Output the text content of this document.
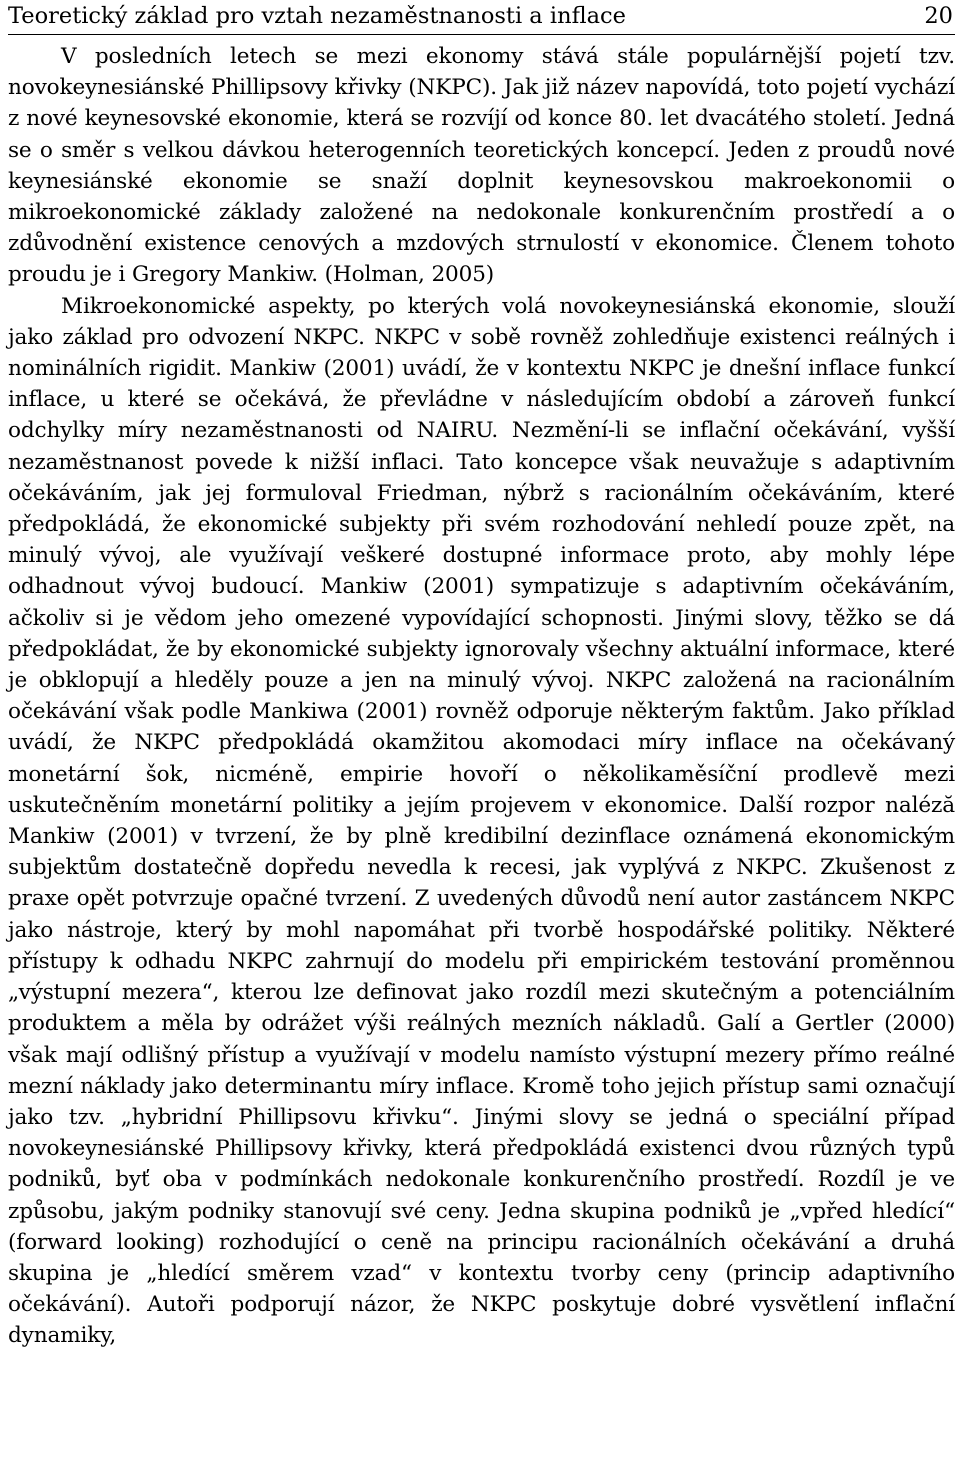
Teoretický základ pro vztah nezaměstnanosti a inflace	20

V posledních letech se mezi ekonomy stává stále populárnější pojetí tzv. novokeynesiánské Phillipsovy křivky (NKPC). Jak již název napovídá, toto pojetí vychází z nové keynesovské ekonomie, která se rozvíjí od konce 80. let dvacátého století. Jedná se o směr s velkou dávkou heterogenních teoretických koncepcí. Jeden z proudů nové keynesiánské ekonomie se snaží doplnit keynesovskou makroekonomii o mikroekonomické základy založené na nedokonale konkurenčním prostředí a o zdůvodnění existence cenových a mzdových strnulostí v ekonomice. Členem tohoto proudu je i Gregory Mankiw. (Holman, 2005)

Mikroekonomické aspekty, po kterých volá novokeynesiánská ekonomie, slouží jako základ pro odvození NKPC. NKPC v sobě rovněž zohledňuje existenci reálných i nominálních rigidit. Mankiw (2001) uvádí, že v kontextu NKPC je dnešní inflace funkcí inflace, u které se očekává, že převládne v následujícím období a zároveň funkcí odchylky míry nezaměstnanosti od NAIRU. Nezmění-li se inflační očekávání, vyšší nezaměstnanost povede k nižší inflaci. Tato koncepce však neuvažuje s adaptivním očekáváním, jak jej formuloval Friedman, nýbrž s racionálním očekáváním, které předpokládá, že ekonomické subjekty při svém rozhodování nehledí pouze zpět, na minulý vývoj, ale využívají veškeré dostupné informace proto, aby mohly lépe odhadnout vývoj budoucí. Mankiw (2001) sympatizuje s adaptivním očekáváním, ačkoliv si je vědom jeho omezené vypovídající schopnosti. Jinými slovy, těžko se dá předpokládat, že by ekonomické subjekty ignorovaly všechny aktuální informace, které je obklopují a hleděly pouze a jen na minulý vývoj. NKPC založená na racionálním očekávání však podle Mankiwa (2001) rovněž odporuje některým faktům. Jako příklad uvádí, že NKPC předpokládá okamžitou akomodaci míry inflace na očekávaný monetární šok, nicméně, empirie hovoří o několikaměsíční prodlevě mezi uskutečněním monetární politiky a jejím projevem v ekonomice. Další rozpor naléză Mankiw (2001) v tvrzení, že by plně kredibilní dezinflace oznámená ekonomickým subjektům dostatečně dopředu nevedla k recesi, jak vyplývá z NKPC. Zkušenost z praxe opět potvrzuje opačné tvrzení. Z uvedených důvodů není autor zastáncem NKPC jako nástroje, který by mohl napomáhat při tvorbě hospodářské politiky. Některé přístupy k odhadu NKPC zahrnují do modelu při empirickém testování proměnnou „výstupní mezera“, kterou lze definovat jako rozdíl mezi skutečným a potenciálním produktem a měla by odrážet výši reálných mezních nákladů. Galí a Gertler (2000) však mají odlišný přístup a využívají v modelu namísto výstupní mezery přímo reálné mezní náklady jako determinantu míry inflace. Kromě toho jejich přístup sami označují jako tzv. „hybridní Phillipsovu křivku“. Jinými slovy se jedná o speciální případ novokeynesiánské Phillipsovy křivky, která předpokládá existenci dvou různých typů podniků, byť oba v podmínkách nedokonale konkurenčního prostředí. Rozdíl je ve způsobu, jakým podniky stanovují své ceny. Jedna skupina podniků je „vpřed hledící“ (forward looking) rozhodující o ceně na principu racionálních očekávání a druhá skupina je „hledící směrem vzad“ v kontextu tvorby ceny (princip adaptivního očekávání). Autoři podporují názor, že NKPC poskytuje dobré vysvětlení inflační dynamiky,
